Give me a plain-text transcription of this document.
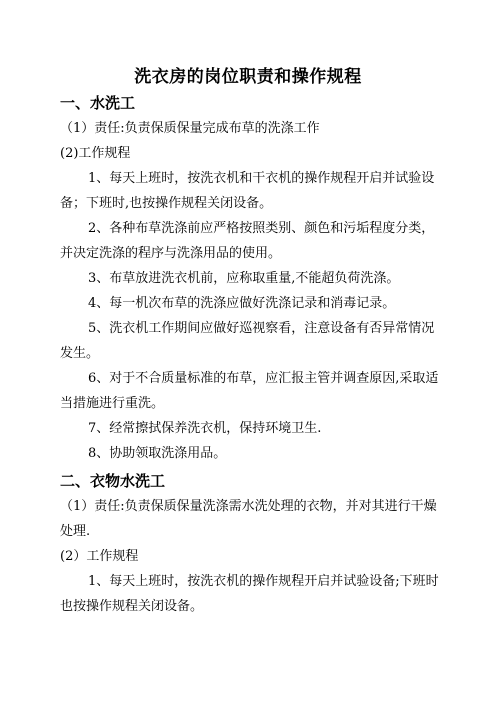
洗衣房的岗位职责和操作规程
一、水洗工
（1）责任:负责保质保量完成布草的洗涤工作
(2)工作规程
1、每天上班时，按洗衣机和干衣机的操作规程开启并试验设
备；下班时,也按操作规程关闭设备。
2、各种布草洗涤前应严格按照类别、颜色和污垢程度分类，
并决定洗涤的程序与洗涤用品的使用。
3、布草放进洗衣机前，应称取重量,不能超负荷洗涤。
4、每一机次布草的洗涤应做好洗涤记录和消毒记录。
5、洗衣机工作期间应做好巡视察看，注意设备有否异常情况
发生。
6、对于不合质量标准的布草，应汇报主管并调查原因,采取适
当措施进行重洗。
7、经常擦拭保养洗衣机，保持环境卫生.
8、协助领取洗涤用品。
二、衣物水洗工
（1）责任:负责保质保量洗涤需水洗处理的衣物，并对其进行干燥
处理.
(2）工作规程
1、每天上班时，按洗衣机的操作规程开启并试验设备;下班时
也按操作规程关闭设备。
